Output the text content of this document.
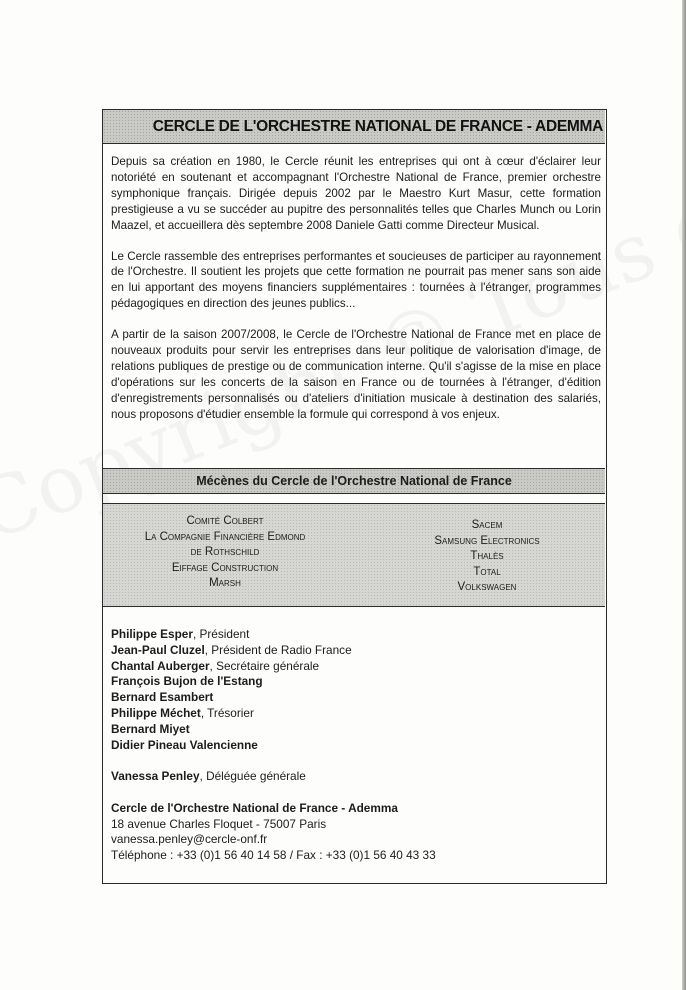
CERCLE DE L'ORCHESTRE NATIONAL DE FRANCE - ADEMMA

Depuis sa création en 1980, le Cercle réunit les entreprises qui ont à cœur d'éclairer leur notoriété en soutenant et accompagnant l'Orchestre National de France, premier orchestre symphonique français. Dirigée depuis 2002 par le Maestro Kurt Masur, cette formation prestigieuse a vu se succéder au pupitre des personnalités telles que Charles Munch ou Lorin Maazel, et accueillera dès septembre 2008 Daniele Gatti comme Directeur Musical.

Le Cercle rassemble des entreprises performantes et soucieuses de participer au rayonnement de l'Orchestre. Il soutient les projets que cette formation ne pourrait pas mener sans son aide en lui apportant des moyens financiers supplémentaires : tournées à l'étranger, programmes pédagogiques en direction des jeunes publics...

A partir de la saison 2007/2008, le Cercle de l'Orchestre National de France met en place de nouveaux produits pour servir les entreprises dans leur politique de valorisation d'image, de relations publiques de prestige ou de communication interne. Qu'il s'agisse de la mise en place d'opérations sur les concerts de la saison en France ou de tournées à l'étranger, d'édition d'enregistrements personnalisés ou d'ateliers d'initiation musicale à destination des salariés, nous proposons d'étudier ensemble la formule qui correspond à vos enjeux.

Mécènes du Cercle de l'Orchestre National de France
Comité Colbert
La Compagnie Financière Edmond
de Rothschild
Eiffage Construction
Marsh
Sacem
Samsung Electronics
Thalès
Total
Volkswagen
Philippe Esper, Président
Jean-Paul Cluzel, Président de Radio France
Chantal Auberger, Secrétaire générale
François Bujon de l'Estang
Bernard Esambert
Philippe Méchet, Trésorier
Bernard Miyet
Didier Pineau Valencienne
Vanessa Penley, Déléguée générale
Cercle de l'Orchestre National de France - Ademma
18 avenue Charles Floquet - 75007 Paris
vanessa.penley@cercle-onf.fr
Téléphone : +33 (0)1 56 40 14 58 / Fax : +33 (0)1 56 40 43 33
